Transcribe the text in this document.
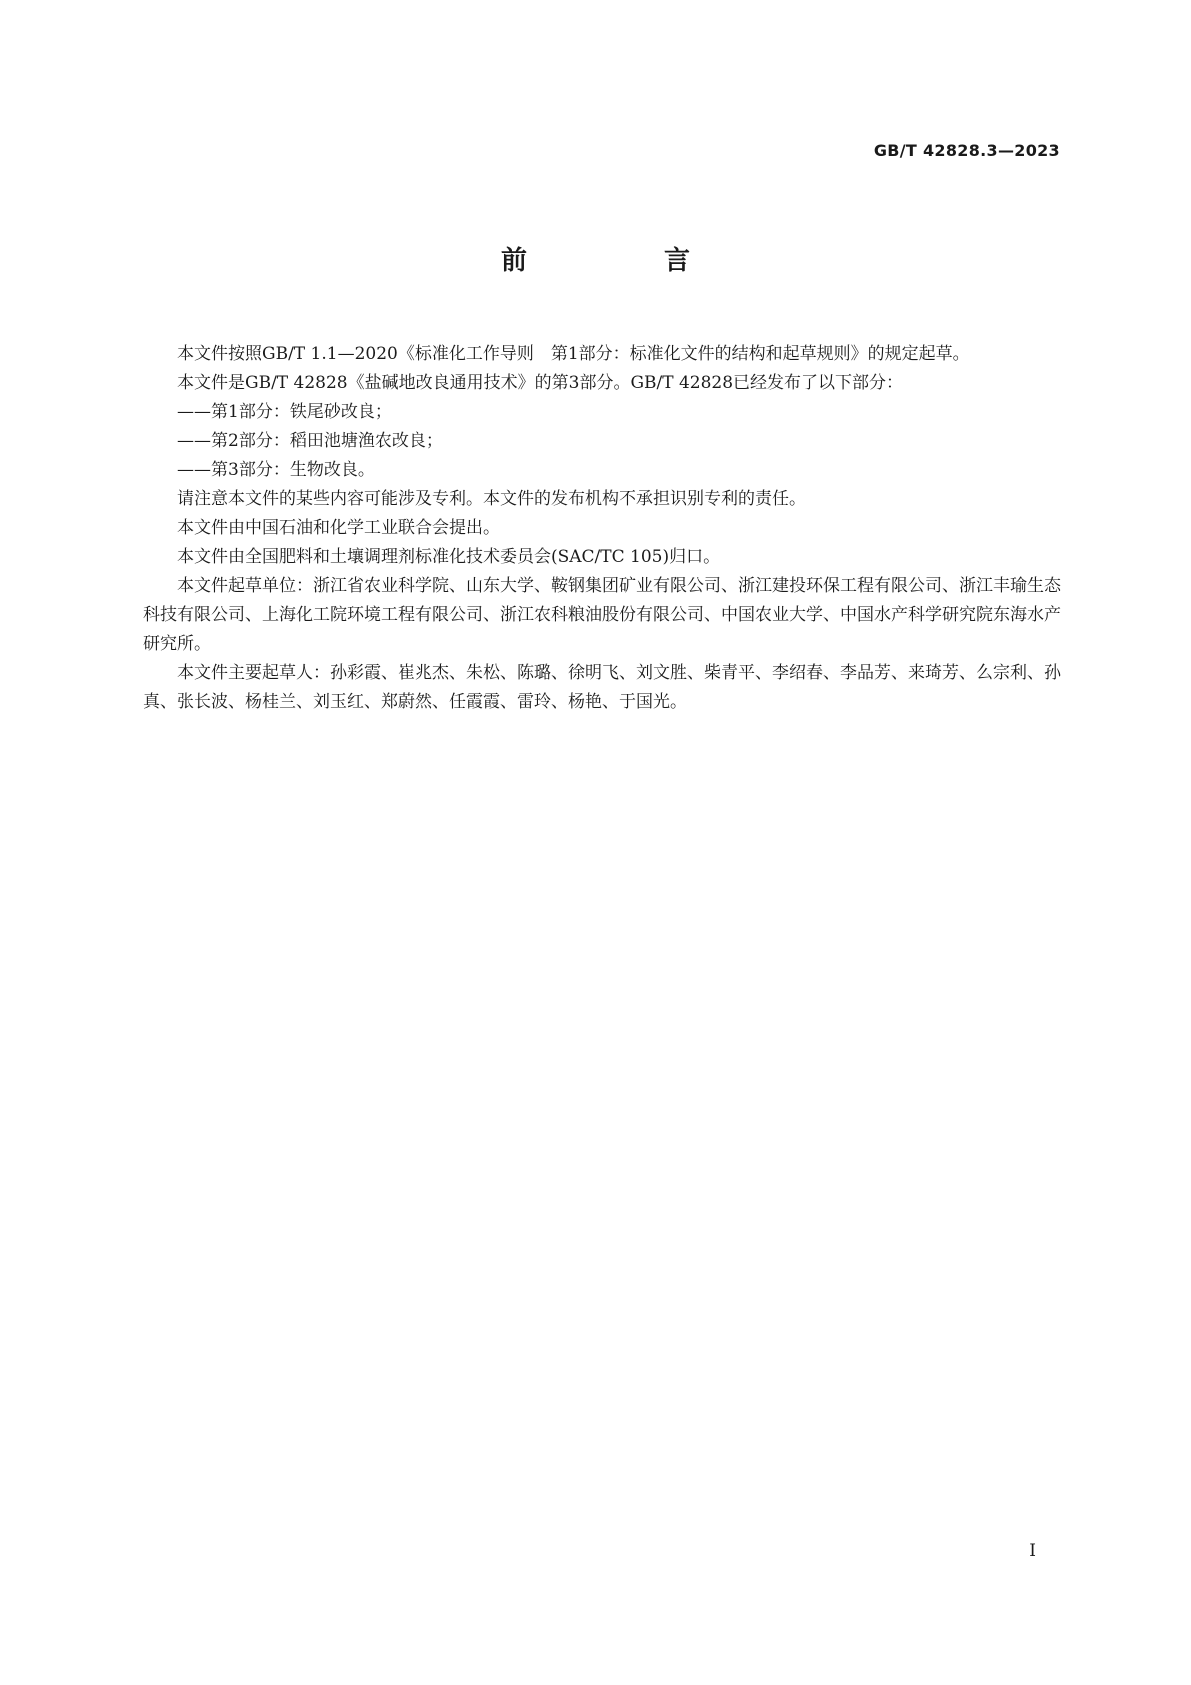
GB/T 42828.3—2023
前 言

本文件按照GB/T 1.1—2020《标准化工作导则　第1部分：标准化文件的结构和起草规则》的规定起草。

本文件是GB/T 42828《盐碱地改良通用技术》的第3部分。GB/T 42828已经发布了以下部分：

——第1部分：铁尾砂改良；

——第2部分：稻田池塘渔农改良；

——第3部分：生物改良。

请注意本文件的某些内容可能涉及专利。本文件的发布机构不承担识别专利的责任。

本文件由中国石油和化学工业联合会提出。

本文件由全国肥料和土壤调理剂标准化技术委员会(SAC/TC 105)归口。

本文件起草单位：浙江省农业科学院、山东大学、鞍钢集团矿业有限公司、浙江建投环保工程有限公司、浙江丰瑜生态科技有限公司、上海化工院环境工程有限公司、浙江农科粮油股份有限公司、中国农业大学、中国水产科学研究院东海水产研究所。

本文件主要起草人：孙彩霞、崔兆杰、朱松、陈璐、徐明飞、刘文胜、柴青平、李绍春、李品芳、来琦芳、么宗利、孙真、张长波、杨桂兰、刘玉红、郑蔚然、任霞霞、雷玲、杨艳、于国光。

I
